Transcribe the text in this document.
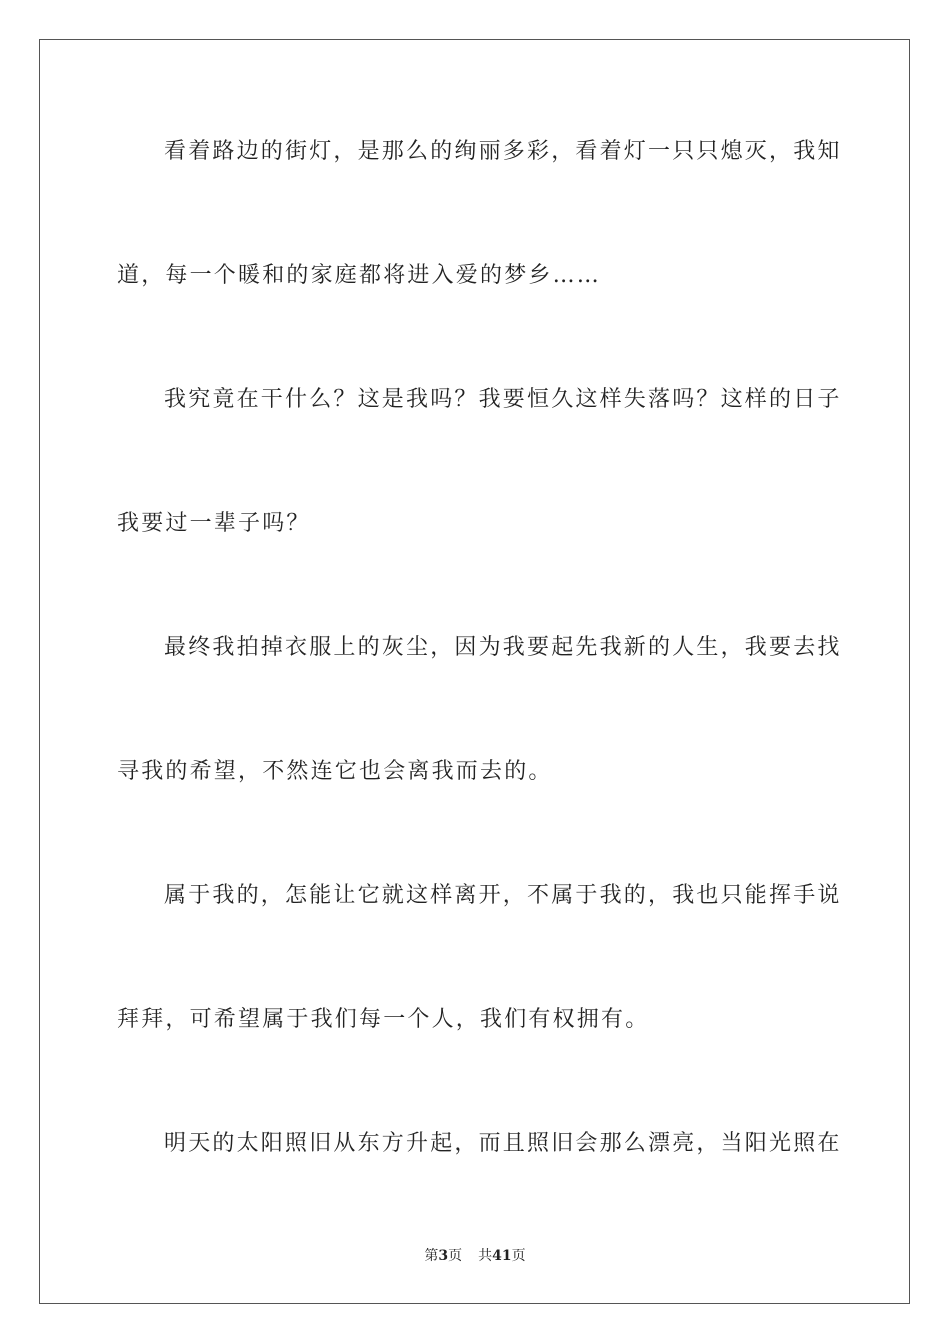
看着路边的街灯，是那么的绚丽多彩，看着灯一只只熄灭，我知
道，每一个暖和的家庭都将进入爱的梦乡……
我究竟在干什么？这是我吗？我要恒久这样失落吗？这样的日子
我要过一辈子吗？
最终我拍掉衣服上的灰尘，因为我要起先我新的人生，我要去找
寻我的希望，不然连它也会离我而去的。
属于我的，怎能让它就这样离开，不属于我的，我也只能挥手说
拜拜，可希望属于我们每一个人，我们有权拥有。
明天的太阳照旧从东方升起，而且照旧会那么漂亮，当阳光照在
第3页 共41页
